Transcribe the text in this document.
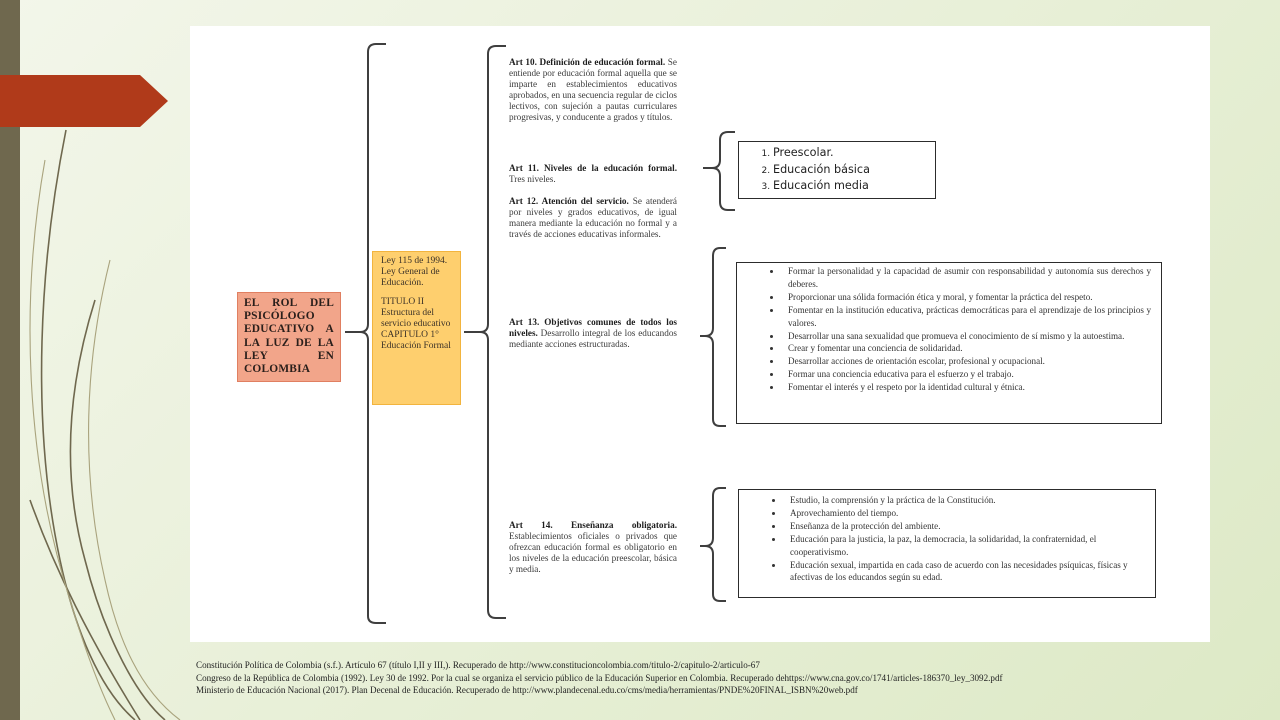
EL ROL DEL PSICÓLOGO EDUCATIVO A LA LUZ DE LA LEY EN COLOMBIA

Ley 115 de 1994. Ley General de Educación.

TITULO II Estructura del servicio educativo CAPITULO 1° Educación Formal

Art 10. Definición de educación formal. Se entiende por educación formal aquella que se imparte en establecimientos educativos aprobados, en una secuencia regular de ciclos lectivos, con sujeción a pautas curriculares progresivas, y conducente a grados y títulos.
Art 11. Niveles de la educación formal. Tres niveles.
Art 12. Atención del servicio. Se atenderá por niveles y grados educativos, de igual manera mediante la educación no formal y a través de acciones educativas informales.
Art 13. Objetivos comunes de todos los niveles. Desarrollo integral de los educandos mediante acciones estructuradas.
Art 14. Enseñanza obligatoria. Establecimientos oficiales o privados que ofrezcan educación formal es obligatorio en los niveles de la educación preescolar, básica y media.
1. Preescolar.
2. Educación básica
3. Educación media
• Formar la personalidad y la capacidad de asumir con responsabilidad y autonomía sus derechos y deberes.
• Proporcionar una sólida formación ética y moral, y fomentar la práctica del respeto.
• Fomentar en la institución educativa, prácticas democráticas para el aprendizaje de los principios y valores.
• Desarrollar una sana sexualidad que promueva el conocimiento de sí mismo y la autoestima.
• Crear y fomentar una conciencia de solidaridad.
• Desarrollar acciones de orientación escolar, profesional y ocupacional.
• Formar una conciencia educativa para el esfuerzo y el trabajo.
• Fomentar el interés y el respeto por la identidad cultural y étnica.
• Estudio, la comprensión y la práctica de la Constitución.
• Aprovechamiento del tiempo.
• Enseñanza de la protección del ambiente.
• Educación para la justicia, la paz, la democracia, la solidaridad, la confraternidad, el cooperativismo.
• Educación sexual, impartida en cada caso de acuerdo con las necesidades psíquicas, físicas y afectivas de los educandos según su edad.
Constitución Política de Colombia (s.f.). Artículo 67 (título I,II y III,). Recuperado de http://www.constitucioncolombia.com/titulo-2/capitulo-2/articulo-67
Congreso de la República de Colombia (1992). Ley 30 de 1992. Por la cual se organiza el servicio público de la Educación Superior en Colombia. Recuperado dehttps://www.cna.gov.co/1741/articles-186370_ley_3092.pdf
Ministerio de Educación Nacional (2017). Plan Decenal de Educación. Recuperado de http://www.plandecenal.edu.co/cms/media/herramientas/PNDE%20FINAL_ISBN%20web.pdf
